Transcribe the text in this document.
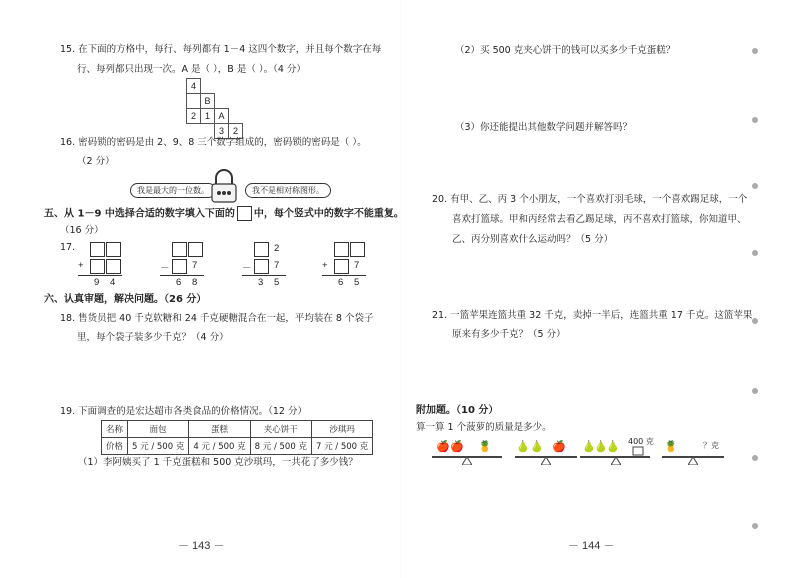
15. 在下面的方格中，每行、每列都有 1－4 这四个数字，并且每个数字在每
行、每列都只出现一次。A 是（ ），B 是（ ）。（4 分）
4			
	B		
2	1	A	
		3	2
16. 密码锁的密码是由 2、9、8 三个数字组成的，密码锁的密码是（ ）。
（2 分）
我是最大的一位数。	我不是相对称图形。
五、从 1－9 中选择合适的数字填入下面的 中，每个竖式中的数字不能重复。
（16 分）
17.
+
9 4
－ 7
6 8
2
－ 7
3 5
+	7
6 5
六、认真审题，解决问题。（26 分）
18. 售货员把 40 千克软糖和 24 千克硬糖混合在一起，平均装在 8 个袋子
里，每个袋子装多少千克？（4 分）
19. 下面调查的是宏达超市各类食品的价格情况。（12 分）
名称	面包	蛋糕	夹心饼干	沙琪玛
价格	5 元 / 500 克	4 元 / 500 克	8 元 / 500 克	7 元 / 500 克
（1）李阿姨买了 1 千克蛋糕和 500 克沙琪玛，一共花了多少钱？
－ 143 －
（2）买 500 克夹心饼干的钱可以买多少千克蛋糕？
（3）你还能提出其他数学问题并解答吗？
20. 有甲、乙、丙 3 个小朋友，一个喜欢打羽毛球，一个喜欢踢足球，一个
喜欢打篮球。甲和丙经常去看乙踢足球，丙不喜欢打篮球，你知道甲、
乙、丙分别喜欢什么运动吗？（5 分）
21. 一篮苹果连篮共重 32 千克，卖掉一半后，连篮共重 17 千克。这篮苹果
原来有多少千克？（5 分）
附加题。（10 分）
算一算 1 个菠萝的质量是多少。
🍎 🍎 🍍 🍐 🍐 🍎 🍐
🍐
🍐 400 克 🍍	？克
－ 144 －
